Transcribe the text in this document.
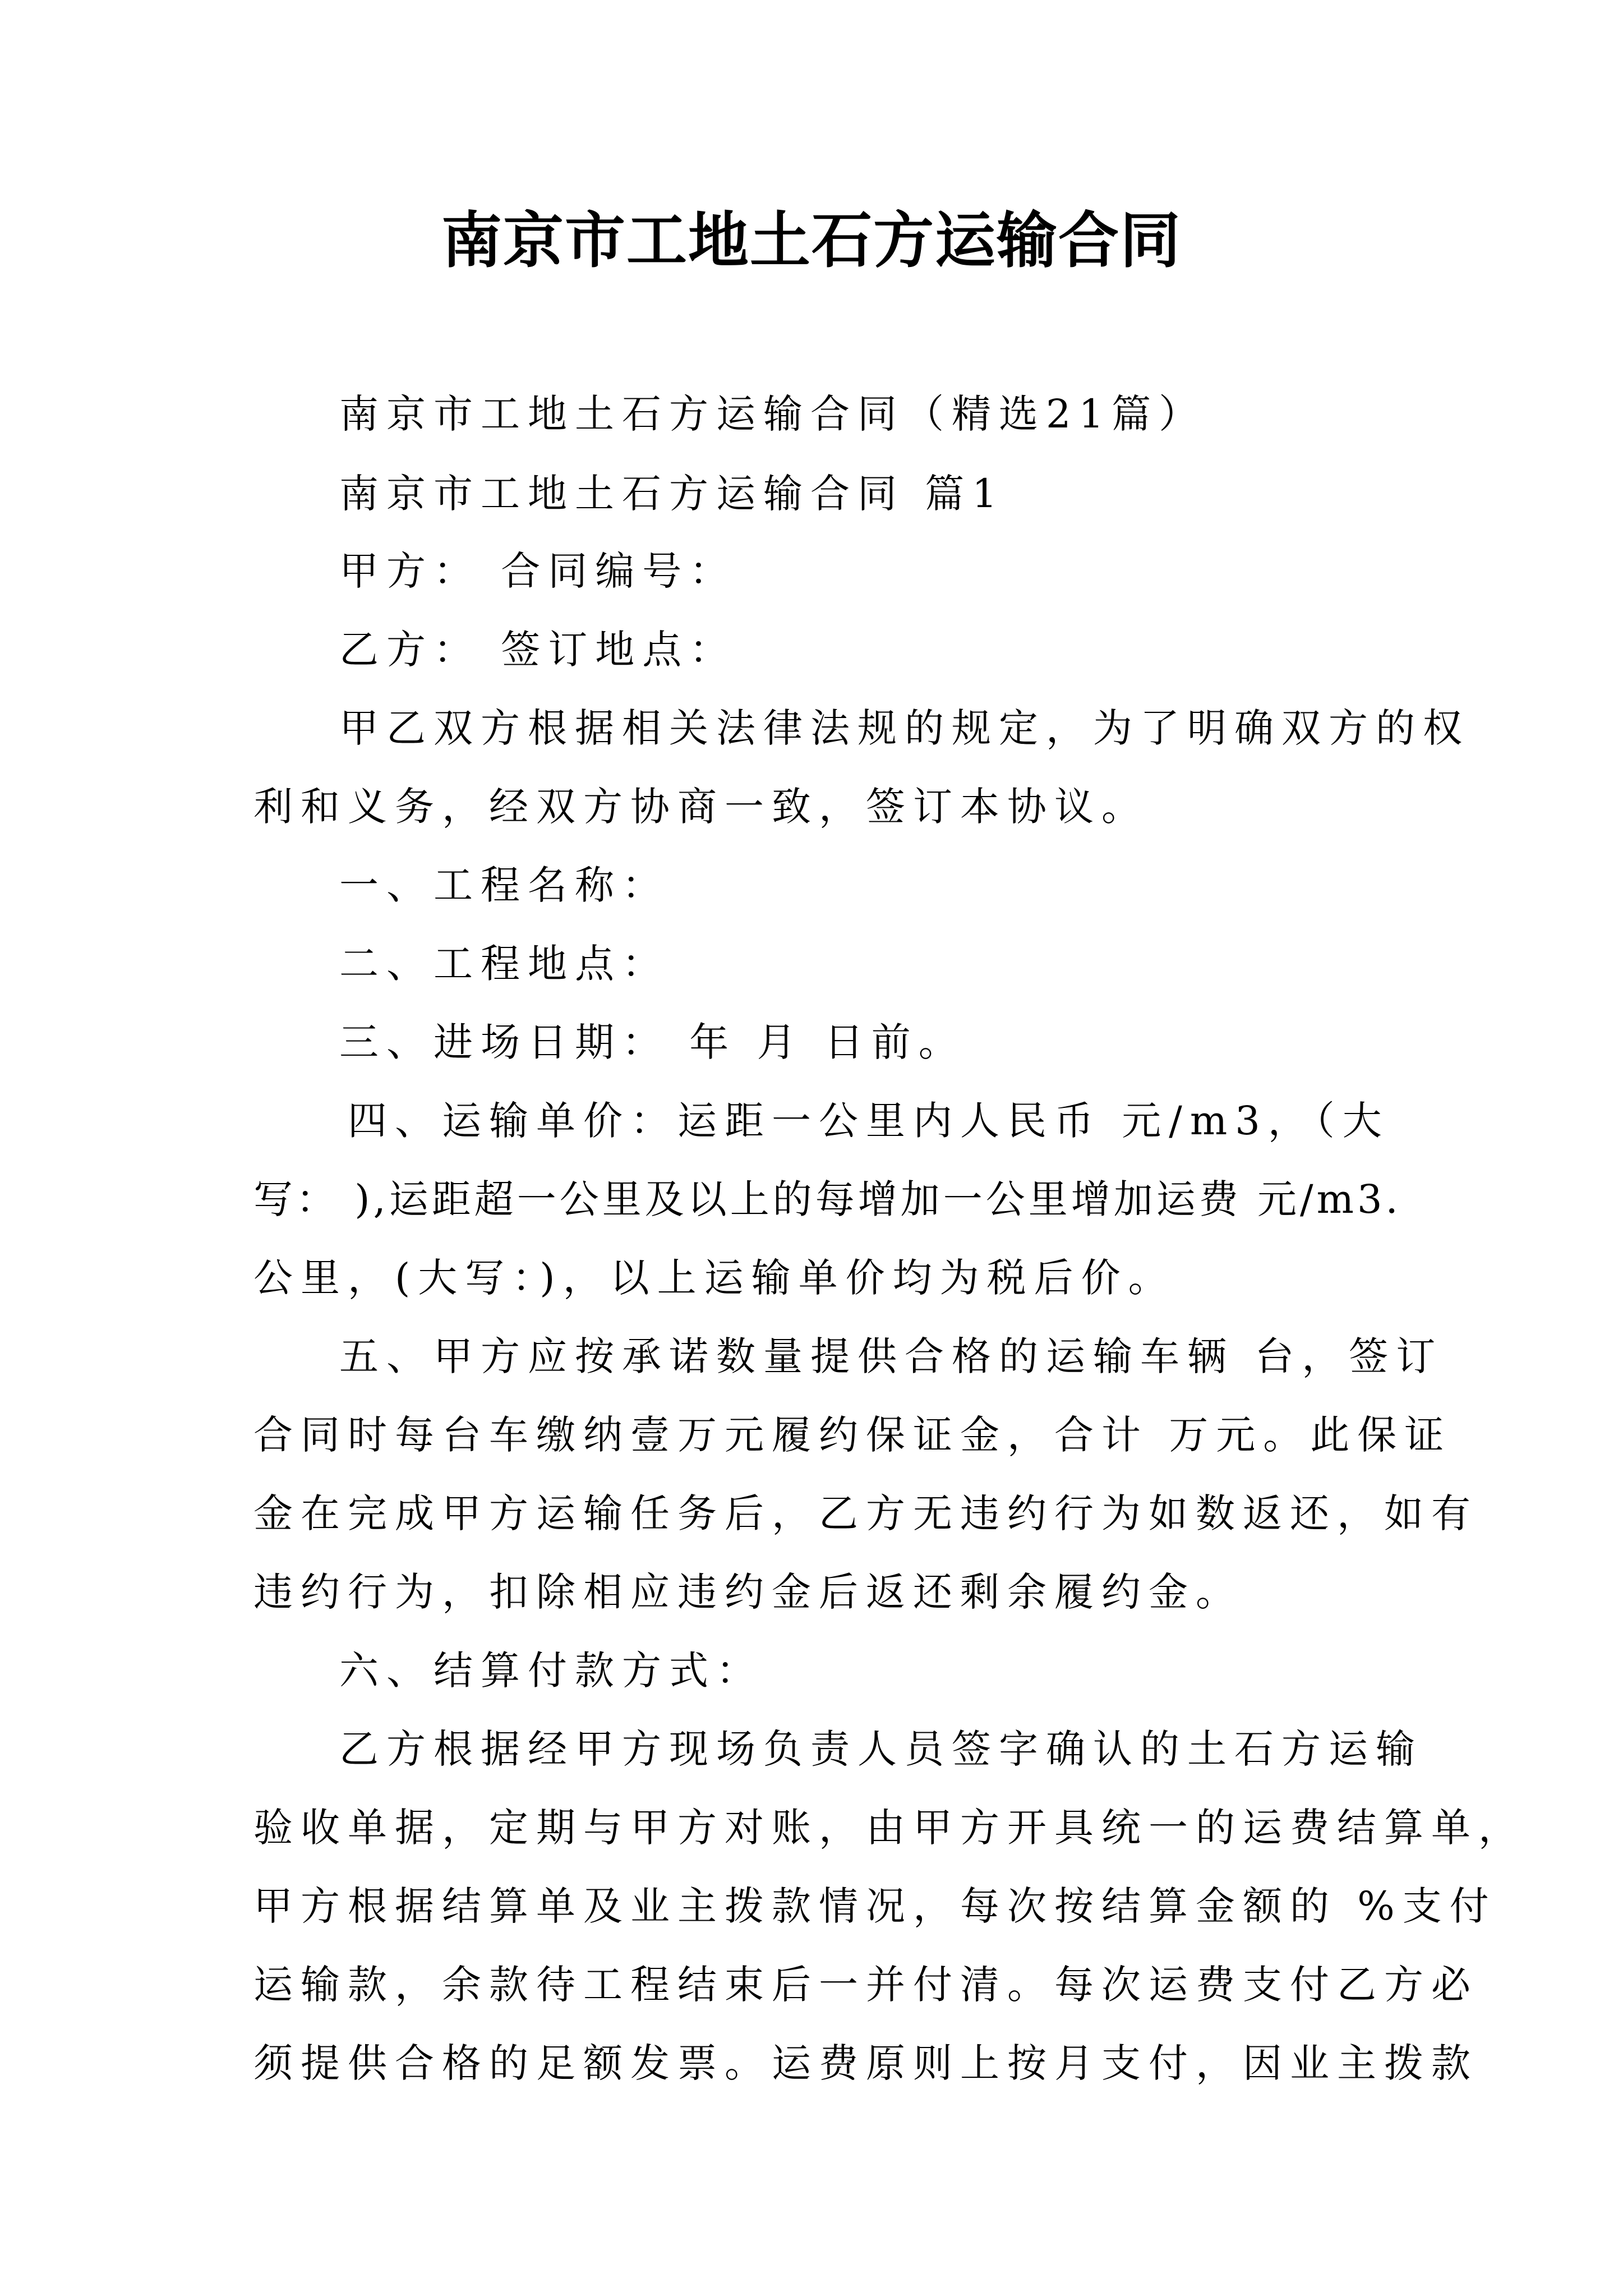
南京市工地土石方运输合同
南京市工地土石方运输合同（精选21篇）
南京市工地土石方运输合同 篇1
甲方： 合同编号：
乙方： 签订地点：
甲乙双方根据相关法律法规的规定，为了明确双方的权
利和义务，经双方协商一致，签订本协议。
一、工程名称：
二、工程地点：
三、进场日期： 年 月 日前。
四、运输单价：运距一公里内人民币 元/m3，（大
写： ),运距超一公里及以上的每增加一公里增加运费 元/m3.
公里，(大写：)，以上运输单价均为税后价。
五、甲方应按承诺数量提供合格的运输车辆 台，签订
合同时每台车缴纳壹万元履约保证金，合计 万元。此保证
金在完成甲方运输任务后，乙方无违约行为如数返还，如有
违约行为，扣除相应违约金后返还剩余履约金。
六、结算付款方式：
乙方根据经甲方现场负责人员签字确认的土石方运输
验收单据，定期与甲方对账，由甲方开具统一的运费结算单，
甲方根据结算单及业主拨款情况，每次按结算金额的 %支付
运输款，余款待工程结束后一并付清。每次运费支付乙方必
须提供合格的足额发票。运费原则上按月支付，因业主拨款
